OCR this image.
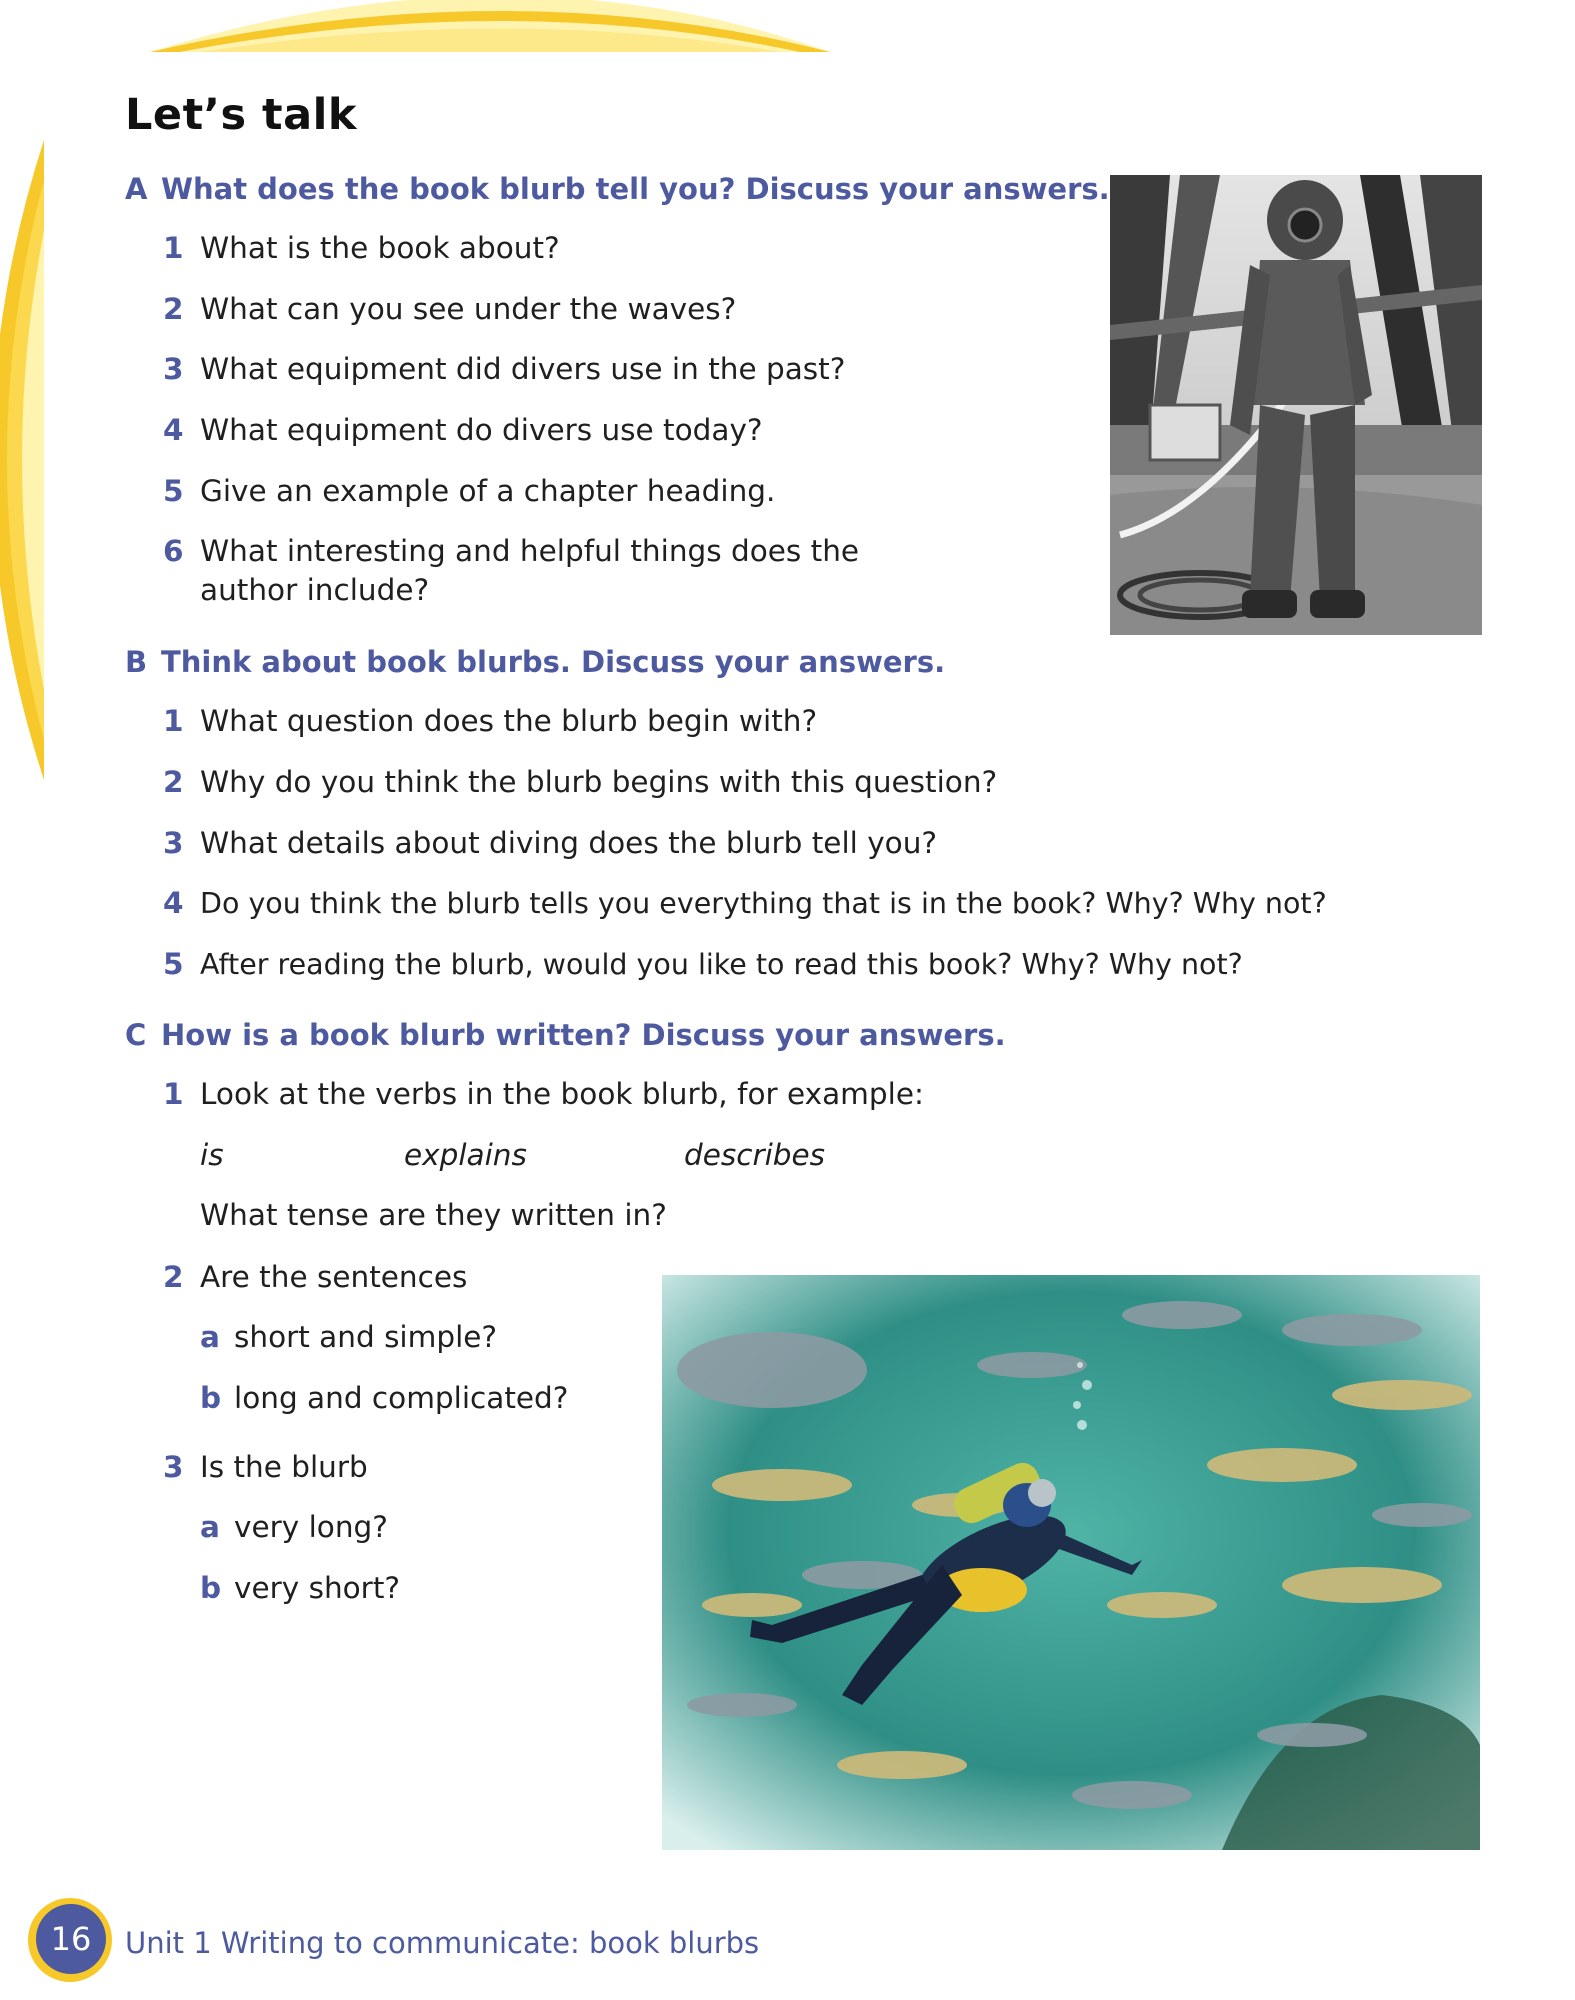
Let’s talk
A What does the book blurb tell you? Discuss your answers.
1 What is the book about?
2 What can you see under the waves?
3 What equipment did divers use in the past?
4 What equipment do divers use today?
5 Give an example of a chapter heading.
6 What interesting and helpful things does the
author include?
B Think about book blurbs. Discuss your answers.
1 What question does the blurb begin with?
2 Why do you think the blurb begins with this question?
3 What details about diving does the blurb tell you?
4 Do you think the blurb tells you everything that is in the book? Why? Why not?
5 After reading the blurb, would you like to read this book? Why? Why not?
C How is a book blurb written? Discuss your answers.
1 Look at the verbs in the book blurb, for example:
is	explains	describes
What tense are they written in?
2 Are the sentences
a short and simple?
b long and complicated?
3 Is the blurb
a very long?
b very short?
16	Unit 1 Writing to communicate: book blurbs
